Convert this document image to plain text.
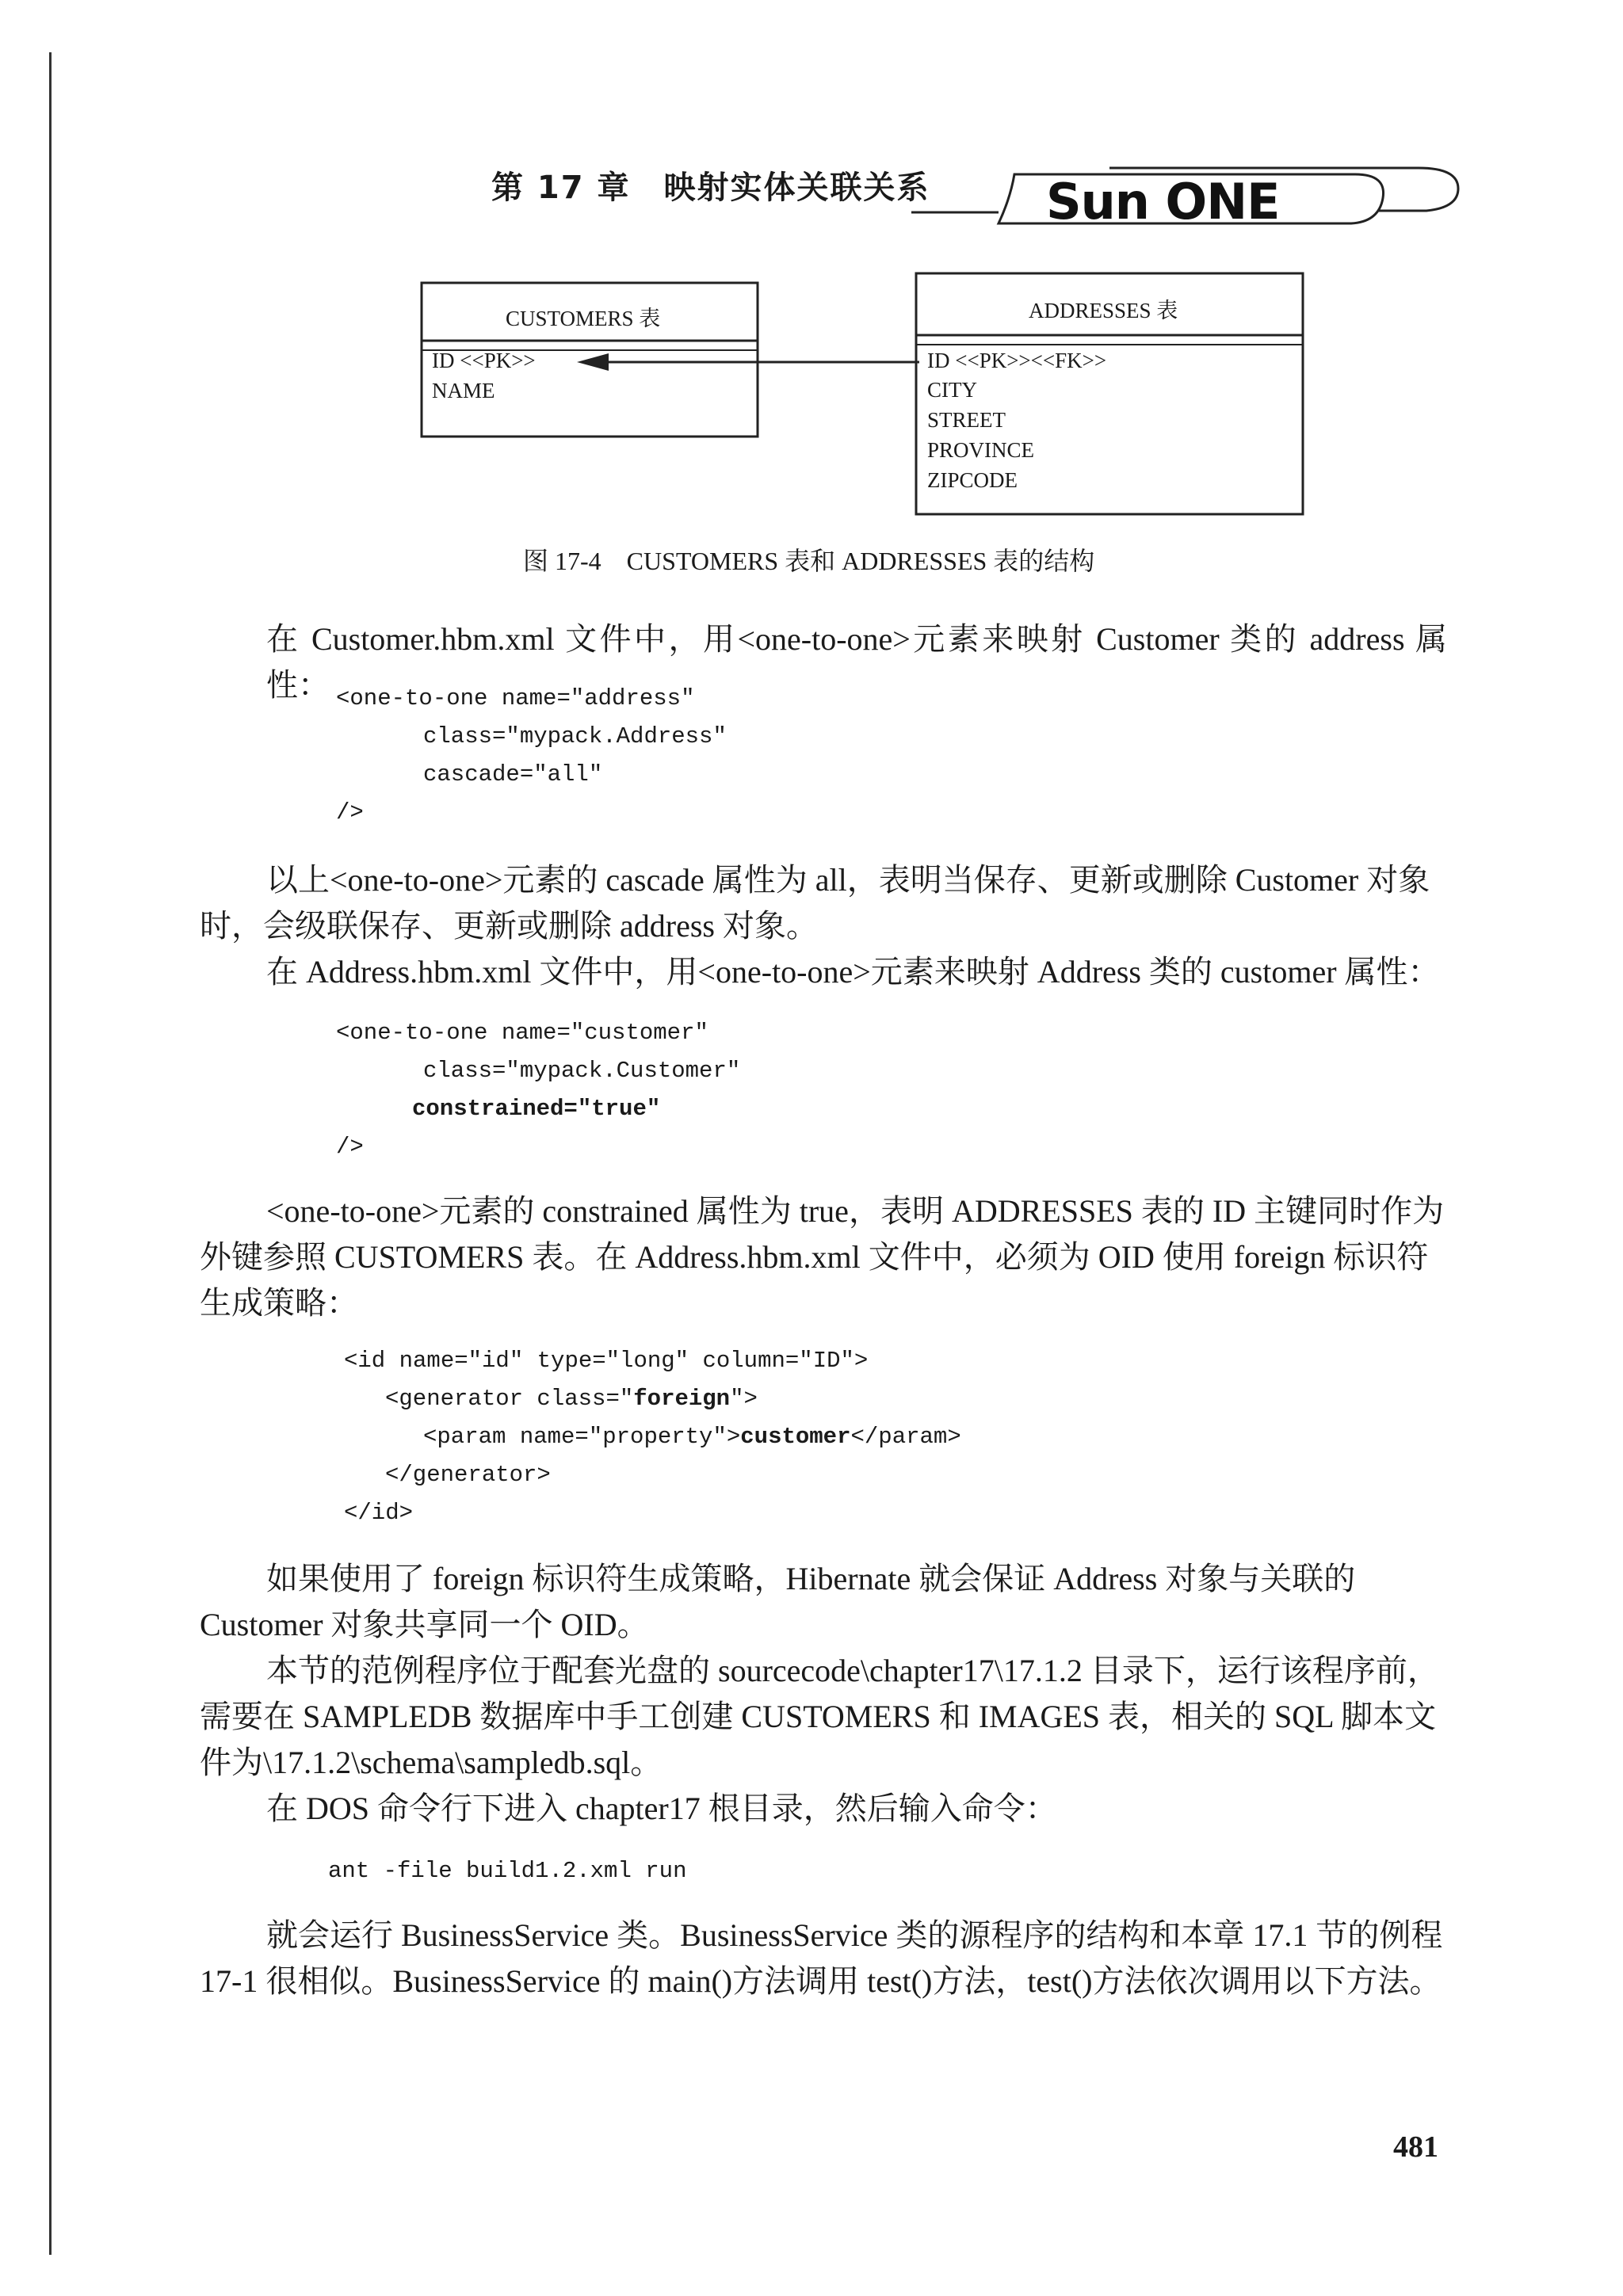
第 17 章　映射实体关联关系 Sun ONE
CUSTOMERS 表
ID <<PK>>
NAME
ADDRESSES 表
ID <<PK>><<FK>>
CITY
STREET
PROVINCE
ZIPCODE
图 17-4　CUSTOMERS 表和 ADDRESSES 表的结构

在 Customer.hbm.xml 文件中，用<one-to-one>元素来映射 Customer 类的 address 属性： <one-to-one name="address"
class="mypack.Address"
cascade="all"
/>

以上<one-to-one>元素的 cascade 属性为 all，表明当保存、更新或删除 Customer 对象

时，会级联保存、更新或删除 address 对象。

在 Address.hbm.xml 文件中，用<one-to-one>元素来映射 Address 类的 customer 属性：

<one-to-one name="customer"
class="mypack.Customer"
constrained="true"
/>

<one-to-one>元素的 constrained 属性为 true，表明 ADDRESSES 表的 ID 主键同时作为

外键参照 CUSTOMERS 表。在 Address.hbm.xml 文件中，必须为 OID 使用 foreign 标识符

生成策略：

<id name="id" type="long" column="ID">
<generator class="foreign">
<param name="property">customer</param>
</generator>
</id>

如果使用了 foreign 标识符生成策略，Hibernate 就会保证 Address 对象与关联的

Customer 对象共享同一个 OID。

本节的范例程序位于配套光盘的 sourcecode\chapter17\17.1.2 目录下，运行该程序前，

需要在 SAMPLEDB 数据库中手工创建 CUSTOMERS 和 IMAGES 表，相关的 SQL 脚本文

件为\17.1.2\schema\sampledb.sql。

在 DOS 命令行下进入 chapter17 根目录，然后输入命令：

ant -file build1.2.xml run

就会运行 BusinessService 类。BusinessService 类的源程序的结构和本章 17.1 节的例程

17-1 很相似。BusinessService 的 main()方法调用 test()方法，test()方法依次调用以下方法。

481
